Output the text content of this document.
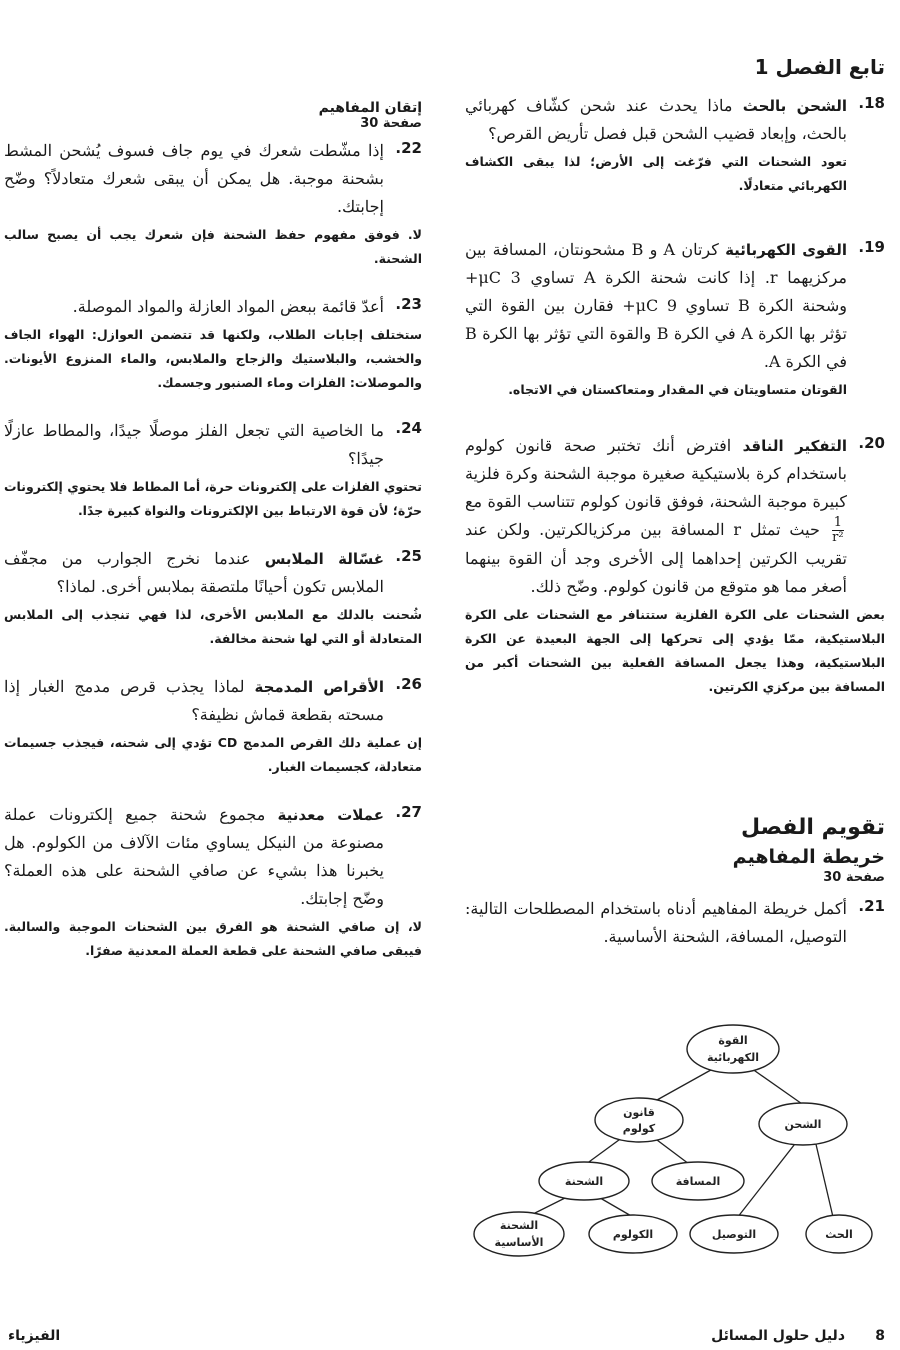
تابع الفصل 1
18.
الشحن بالحث ماذا يحدث عند شحن كشّاف كهربائي بالحث، وإبعاد قضيب الشحن قبل فصل تأريض القرص؟
تعود الشحنات التي فرّغت إلى الأرض؛ لذا يبقى الكشاف الكهربائي متعادلًا.
19.
القوى الكهربائية كرتان A و B مشحونتان، المسافة بين مركزيهما r. إذا كانت شحنة الكرة A تساوي 3 μC+ وشحنة الكرة B تساوي 9 μC+ فقارن بين القوة التي تؤثر بها الكرة A في الكرة B والقوة التي تؤثر بها الكرة B في الكرة A.
القوتان متساويتان في المقدار ومتعاكستان في الاتجاه.
20.
التفكير الناقد افترض أنك تختبر صحة قانون كولوم باستخدام كرة بلاستيكية صغيرة موجبة الشحنة وكرة فلزية كبيرة موجبة الشحنة، فوفق قانون كولوم تتناسب القوة مع
$\frac{1}{\text{r²}}$
حيث تمثل r المسافة بين مركزيالكرتين. ولكن عند تقريب الكرتين إحداهما إلى الأخرى وجد أن القوة بينهما أصغر مما هو متوقع من قانون كولوم. وضّح ذلك.
بعض الشحنات على الكرة الفلزية ستتنافر مع الشحنات على الكرة البلاستيكية، ممّا يؤدي إلى تحركها إلى الجهة البعيدة عن الكرة البلاستيكية، وهذا يجعل المسافة الفعلية بين الشحنات أكبر من المسافة بين مركزي الكرتين.
تقويم الفصل
خريطة المفاهيم
صفحة 30
21.
أكمل خريطة المفاهيم أدناه باستخدام المصطلحات التالية: التوصيل، المسافة، الشحنة الأساسية.
القوة
الكهربائية
قانون
كولوم	الشحن
الشحنة	المسافة
الشحنة
الأساسية
الكولوم	التوصيل	الحث
إتقان المفاهيم
صفحة 30
22.
إذا مشّطت شعرك في يوم جاف فسوف يُشحن المشط بشحنة موجبة. هل يمكن أن يبقى شعرك متعادلاً؟ وضّح إجابتك.
لا. فوفق مفهوم حفظ الشحنة فإن شعرك يجب أن يصبح سالب الشحنة.
23.
أعدّ قائمة ببعض المواد العازلة والمواد الموصلة.
ستختلف إجابات الطلاب، ولكنها قد تتضمن العوازل: الهواء الجاف والخشب، والبلاستيك والزجاج والملابس، والماء المنزوع الأيونات. والموصلات: الفلزات وماء الصنبور وجسمك.
24.
ما الخاصية التي تجعل الفلز موصلًا جيدًا، والمطاط عازلًا جيدًا؟
تحتوي الفلزات على إلكترونات حرة، أما المطاط فلا يحتوي إلكترونات حرّة؛ لأن قوة الارتباط بين الإلكترونات والنواة كبيرة جدًا.
25.
غسّالة الملابس عندما نخرج الجوارب من مجفّف الملابس تكون أحيانًا ملتصقة بملابس أخرى. لماذا؟
شُحنت بالدلك مع الملابس الأخرى، لذا فهي تنجذب إلى الملابس المتعادلة أو التي لها شحنة مخالفة.
26.
الأقراص المدمجة لماذا يجذب قرص مدمج الغبار إذا مسحته بقطعة قماش نظيفة؟
إن عملية دلك القرص المدمج CD تؤدي إلى شحنه، فيجذب جسيمات متعادلة، كجسيمات الغبار.
27.
عملات معدنية مجموع شحنة جميع إلكترونات عملة مصنوعة من النيكل يساوي مئات الآلاف من الكولوم. هل يخبرنا هذا بشيء عن صافي الشحنة على هذه العملة؟ وضّح إجابتك.
لا، إن صافي الشحنة هو الفرق بين الشحنات الموجبة والسالبة. فيبقى صافي الشحنة على قطعة العملة المعدنية صفرًا.
8
دليل حلول المسائل
الفيزياء
